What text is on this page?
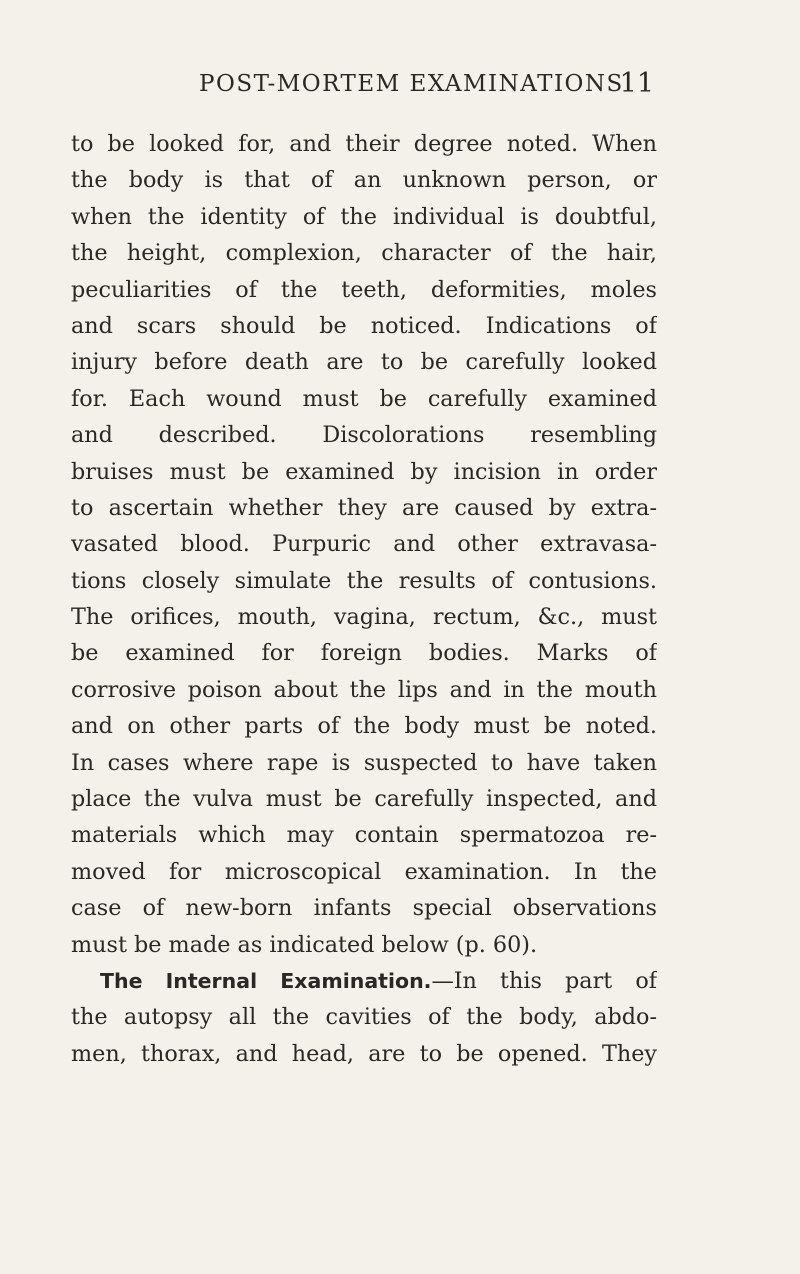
POST-MORTEM EXAMINATIONS
11
to be looked for, and their degree noted. When
the body is that of an unknown person, or
when the identity of the individual is doubtful,
the height, complexion, character of the hair,
peculiarities of the teeth, deformities, moles
and scars should be noticed. Indications of
injury before death are to be carefully looked
for. Each wound must be carefully examined
and described. Discolorations resembling
bruises must be examined by incision in order
to ascertain whether they are caused by extra-
vasated blood. Purpuric and other extravasa-
tions closely simulate the results of contusions.
The orifices, mouth, vagina, rectum, &c., must
be examined for foreign bodies. Marks of
corrosive poison about the lips and in the mouth
and on other parts of the body must be noted.
In cases where rape is suspected to have taken
place the vulva must be carefully inspected, and
materials which may contain spermatozoa re-
moved for microscopical examination. In the
case of new-born infants special observations
must be made as indicated below (p. 60).
The Internal Examination.—In this part of
the autopsy all the cavities of the body, abdo-
men, thorax, and head, are to be opened. They
